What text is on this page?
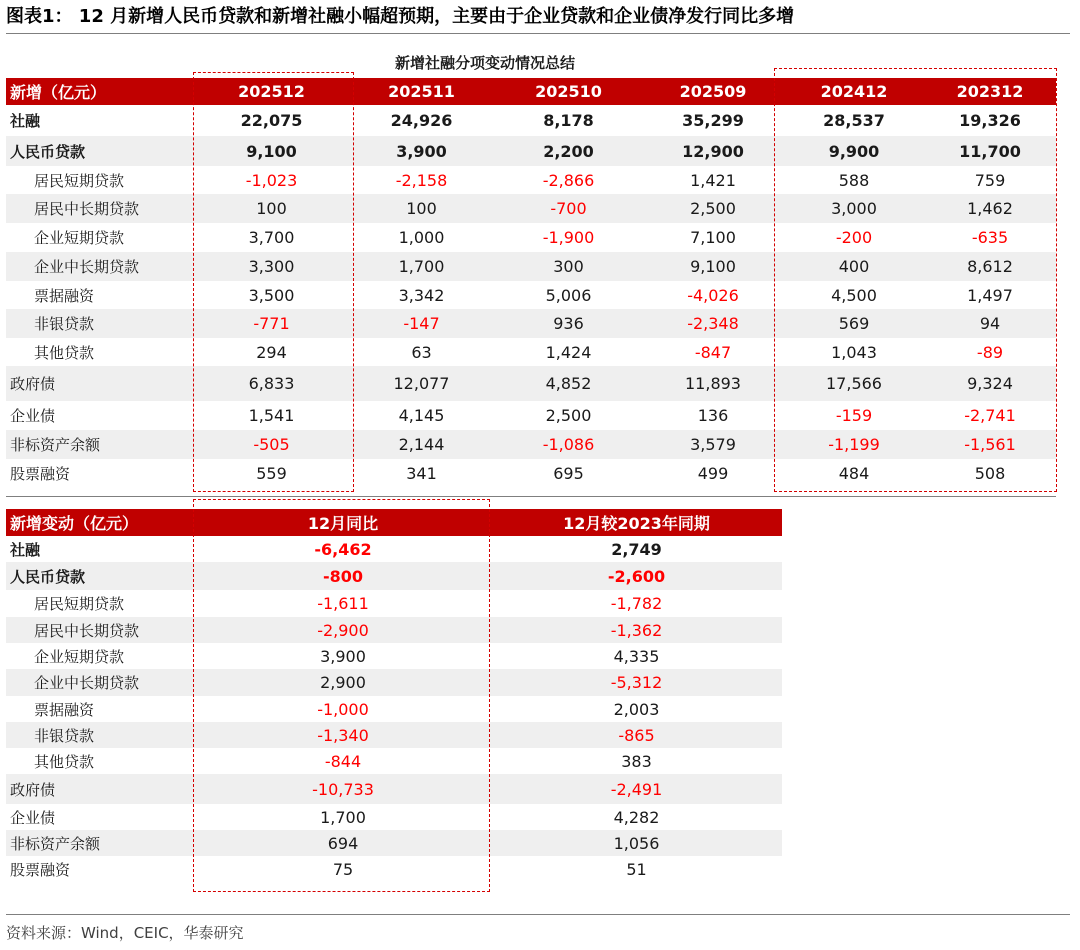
图表1： 12 月新增人民币贷款和新增社融小幅超预期，主要由于企业贷款和企业债净发行同比多增
新增社融分项变动情况总结
新增（亿元）	202512	202511	202510	202509	202412	202312
社融	22,075	24,926	8,178	35,299	28,537	19,326
人民币贷款	9,100	3,900	2,200	12,900	9,900	11,700
居民短期贷款	-1,023	-2,158	-2,866	1,421	588	759
居民中长期贷款	100	100	-700	2,500	3,000	1,462
企业短期贷款	3,700	1,000	-1,900	7,100	-200	-635
企业中长期贷款	3,300	1,700	300	9,100	400	8,612
票据融资	3,500	3,342	5,006	-4,026	4,500	1,497
非银贷款	-771	-147	936	-2,348	569	94
其他贷款	294	63	1,424	-847	1,043	-89
政府债	6,833	12,077	4,852	11,893	17,566	9,324
企业债	1,541	4,145	2,500	136	-159	-2,741
非标资产余额	-505	2,144	-1,086	3,579	-1,199	-1,561
股票融资	559	341	695	499	484	508
新增变动（亿元）	12月同比	12月较2023年同期
社融	-6,462	2,749
人民币贷款	-800	-2,600
居民短期贷款	-1,611	-1,782
居民中长期贷款	-2,900	-1,362
企业短期贷款	3,900	4,335
企业中长期贷款	2,900	-5,312
票据融资	-1,000	2,003
非银贷款	-1,340	-865
其他贷款	-844	383
政府债	-10,733	-2,491
企业债	1,700	4,282
非标资产余额	694	1,056
股票融资	75	51
资料来源：Wind，CEIC，华泰研究
